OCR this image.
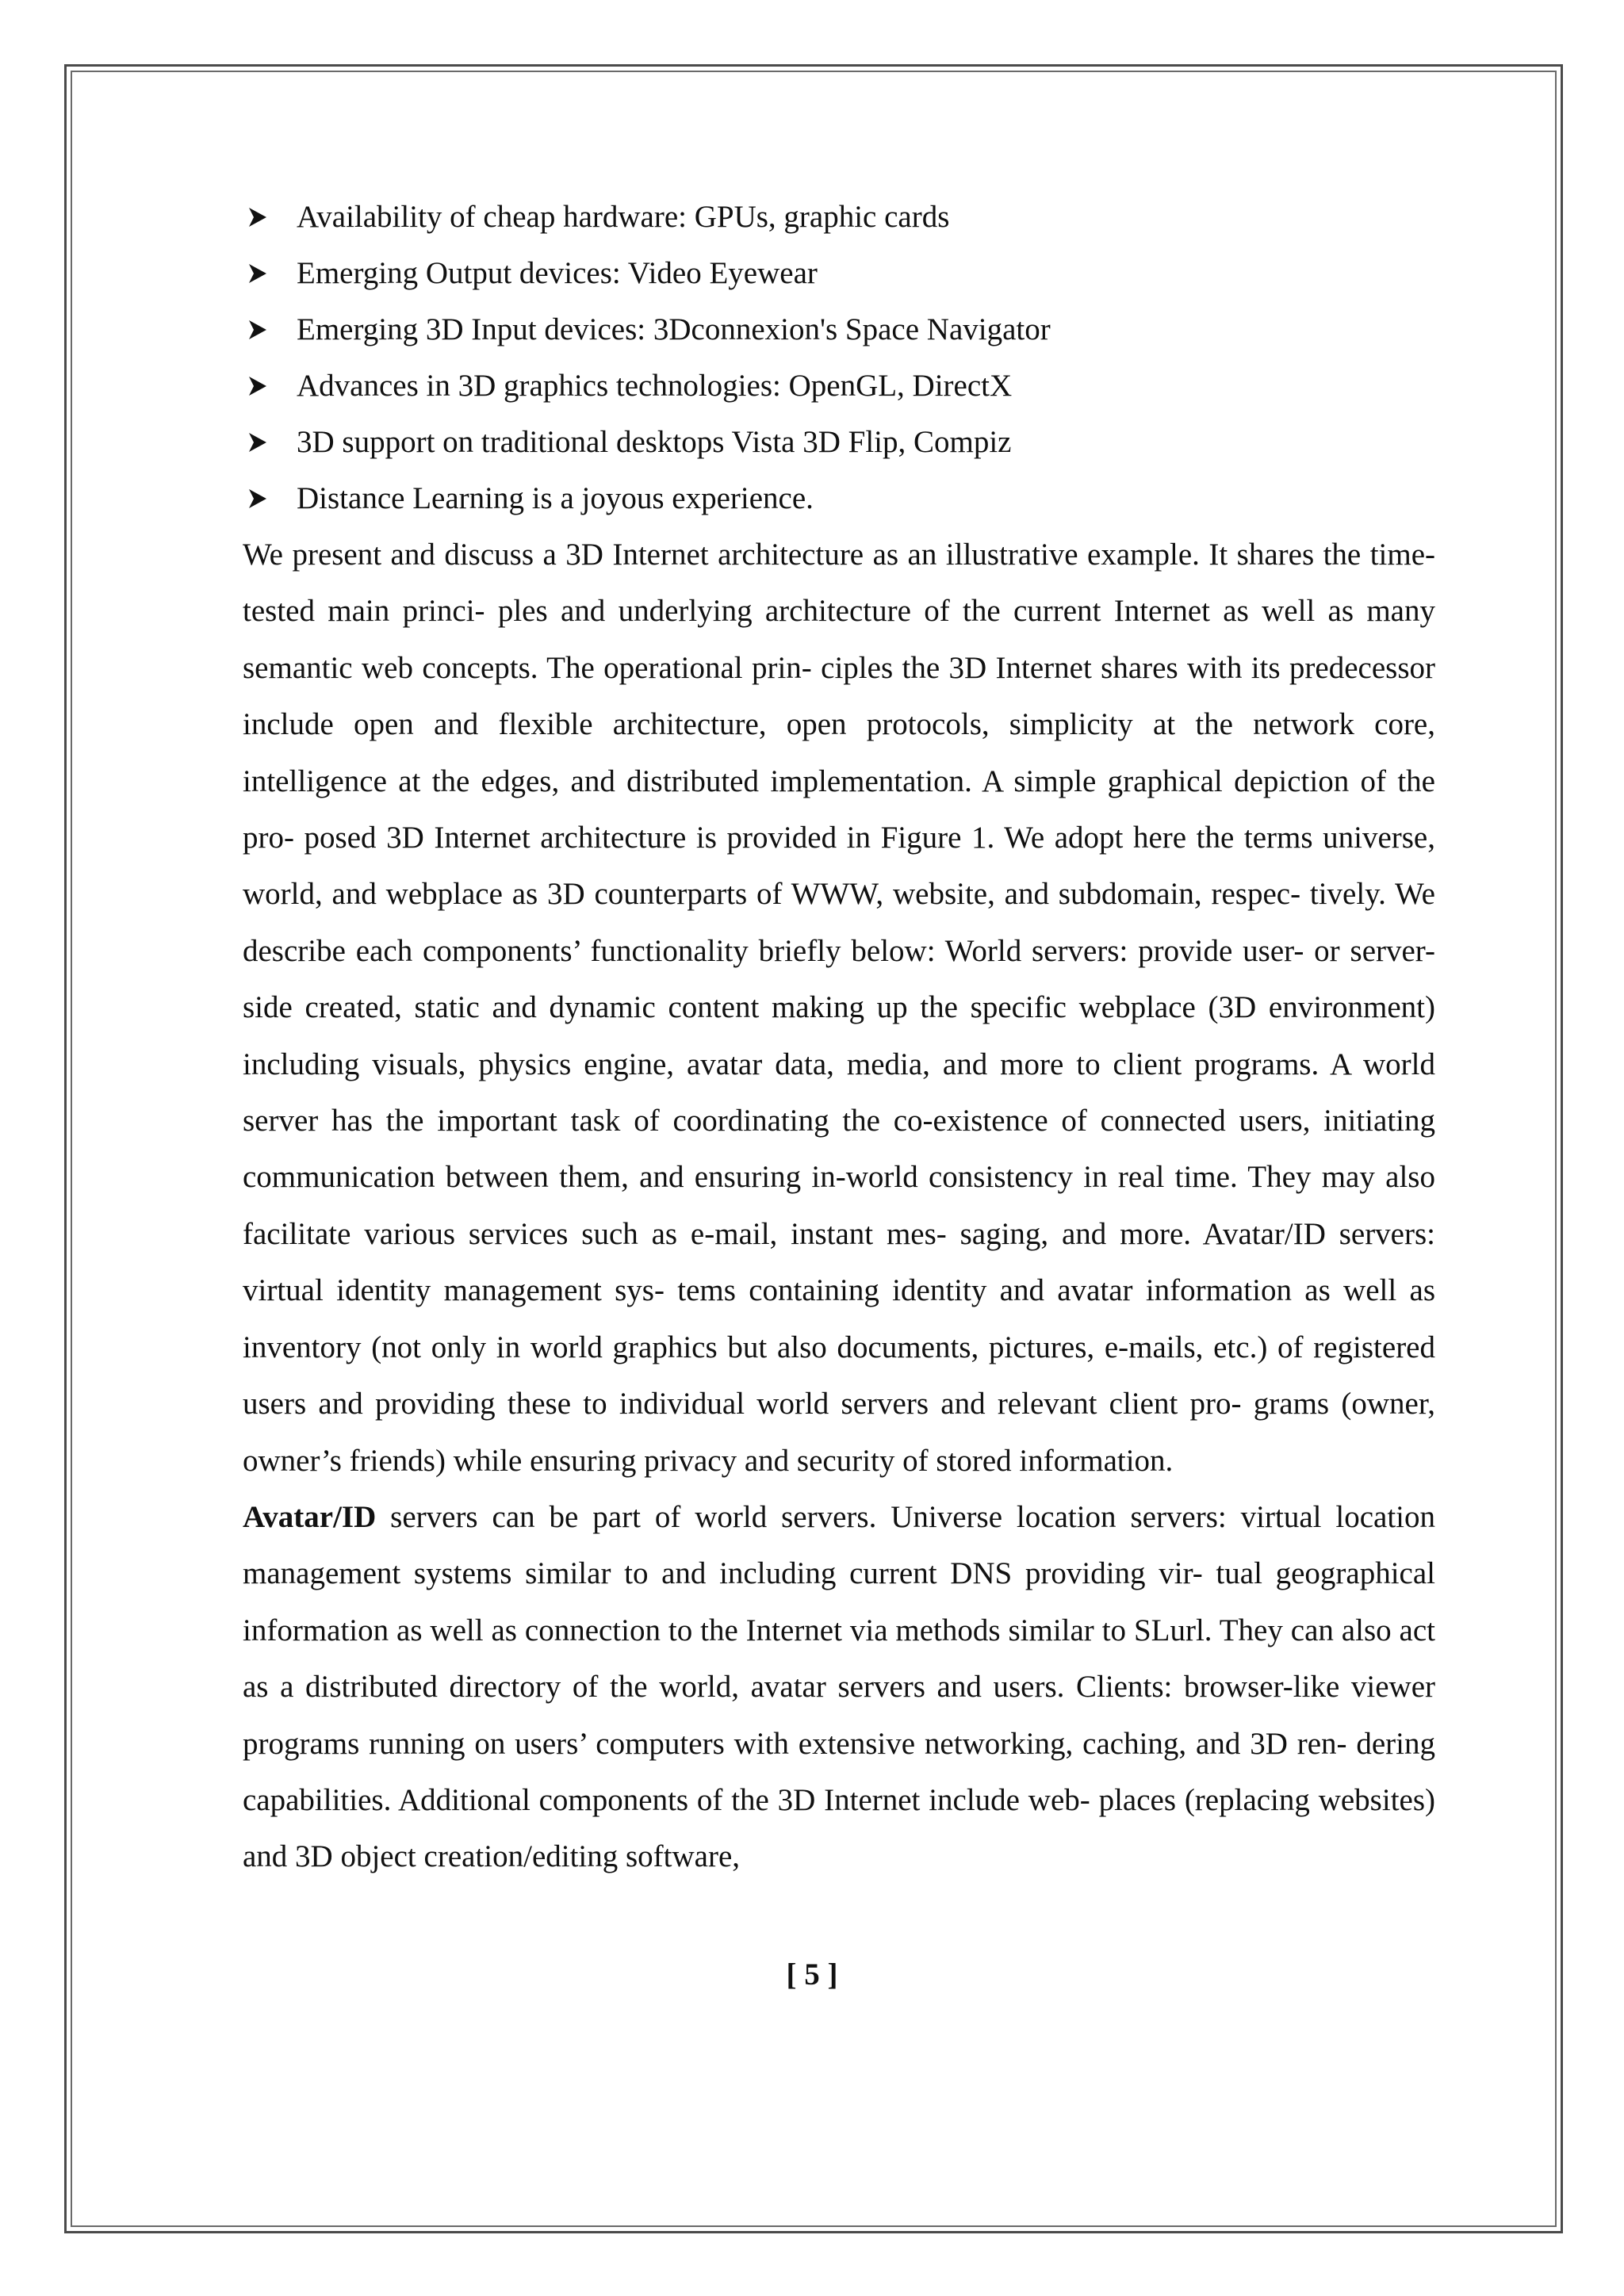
Availability of cheap hardware: GPUs, graphic cards
Emerging Output devices: Video Eyewear
Emerging 3D Input devices: 3Dconnexion's Space Navigator
Advances in 3D graphics technologies: OpenGL, DirectX
3D support on traditional desktops Vista 3D Flip, Compiz
Distance Learning is a joyous experience.

We present and discuss a 3D Internet architecture as an illustrative example. It shares the time-tested main princi- ples and underlying architecture of the current Internet as well as many semantic web concepts. The operational prin- ciples the 3D Internet shares with its predecessor include open and flexible architecture, open protocols, simplicity at the network core, intelligence at the edges, and distributed implementation. A simple graphical depiction of the pro- posed 3D Internet architecture is provided in Figure 1. We adopt here the terms universe, world, and webplace as 3D counterparts of WWW, website, and subdomain, respec- tively. We describe each components’ functionality briefly below: World servers: provide user- or server-side created, static and dynamic content making up the specific webplace (3D environment) including visuals, physics engine, avatar data, media, and more to client programs. A world server has the important task of coordinating the co-existence of connected users, initiating communication between them, and ensuring in-world consistency in real time. They may also facilitate various services such as e-mail, instant mes- saging, and more. Avatar/ID servers: virtual identity management sys- tems containing identity and avatar information as well as inventory (not only in world graphics but also documents, pictures, e-mails, etc.) of registered users and providing these to individual world servers and relevant client pro- grams (owner, owner’s friends) while ensuring privacy and security of stored information.

Avatar/ID servers can be part of world servers. Universe location servers: virtual location management systems similar to and including current DNS providing vir- tual geographical information as well as connection to the Internet via methods similar to SLurl. They can also act as a distributed directory of the world, avatar servers and users. Clients: browser-like viewer programs running on users’ computers with extensive networking, caching, and 3D ren- dering capabilities. Additional components of the 3D Internet include web- places (replacing websites) and 3D object creation/editing software,

[ 5 ]
